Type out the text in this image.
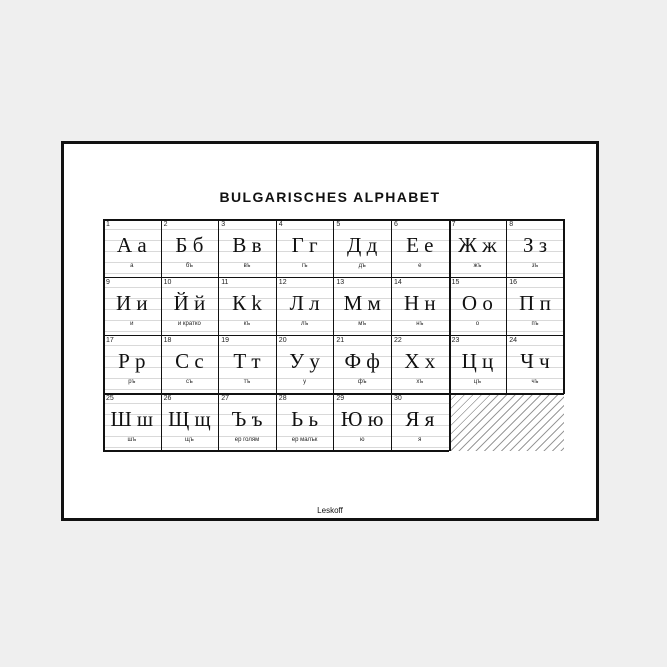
BULGARISCHES ALPHABET
1
А а
а
2
Б б
бъ
3
В в
въ
4
Г г
гъ
5
Д д
дъ
6
Е е
е
7
Ж ж
жъ
8
З з
зъ
9
И и
и
10
Й й
и кратко
11
К k
къ
12
Л л
лъ
13
М м
мъ
14
Н н
нъ
15
О о
о
16
П п
пъ
17
Р р
ръ
18
С с
съ
19
Т т
тъ
20
У у
у
21
Ф ф
фъ
22
Х х
хъ
23
Ц ц
цъ
24
Ч ч
чъ
25
Ш ш
шъ
26
Щ щ
щъ
27
Ъ ъ
ер голям
28
Ь ь
ер малък
29
Ю ю
ю
30
Я я
я
Leskoff
